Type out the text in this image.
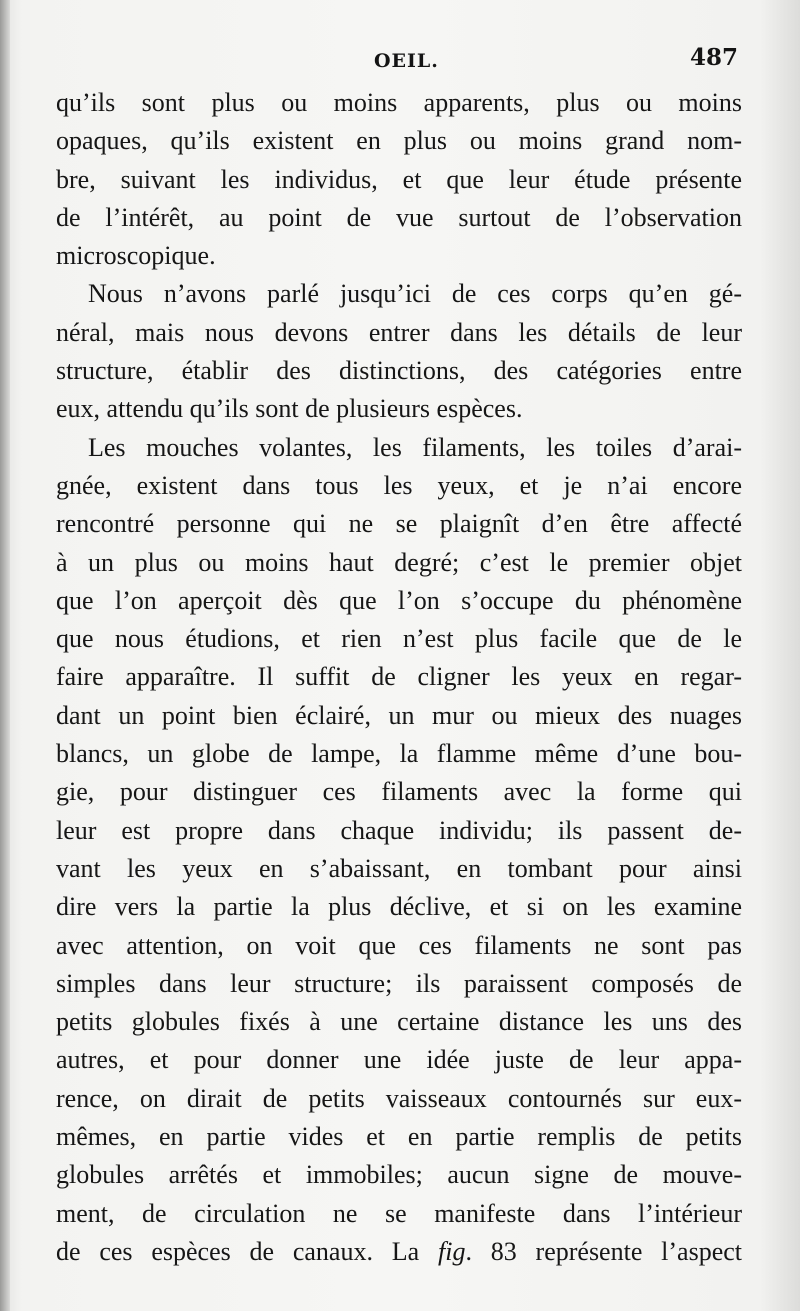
OEIL.	487
qu’ils sont plus ou moins apparents, plus ou moins
opaques, qu’ils existent en plus ou moins grand nom-
bre, suivant les individus, et que leur étude présente
de l’intérêt, au point de vue surtout de l’observation
microscopique.
Nous n’avons parlé jusqu’ici de ces corps qu’en gé-
néral, mais nous devons entrer dans les détails de leur
structure, établir des distinctions, des catégories entre
eux, attendu qu’ils sont de plusieurs espèces.
Les mouches volantes, les filaments, les toiles d’arai-
gnée, existent dans tous les yeux, et je n’ai encore
rencontré personne qui ne se plaignît d’en être affecté
à un plus ou moins haut degré; c’est le premier objet
que l’on aperçoit dès que l’on s’occupe du phénomène
que nous étudions, et rien n’est plus facile que de le
faire apparaître. Il suffit de cligner les yeux en regar-
dant un point bien éclairé, un mur ou mieux des nuages
blancs, un globe de lampe, la flamme même d’une bou-
gie, pour distinguer ces filaments avec la forme qui
leur est propre dans chaque individu; ils passent de-
vant les yeux en s’abaissant, en tombant pour ainsi
dire vers la partie la plus déclive, et si on les examine
avec attention, on voit que ces filaments ne sont pas
simples dans leur structure; ils paraissent composés de
petits globules fixés à une certaine distance les uns des
autres, et pour donner une idée juste de leur appa-
rence, on dirait de petits vaisseaux contournés sur eux-
mêmes, en partie vides et en partie remplis de petits
globules arrêtés et immobiles; aucun signe de mouve-
ment, de circulation ne se manifeste dans l’intérieur
de ces espèces de canaux. La fig. 83 représente l’aspect
